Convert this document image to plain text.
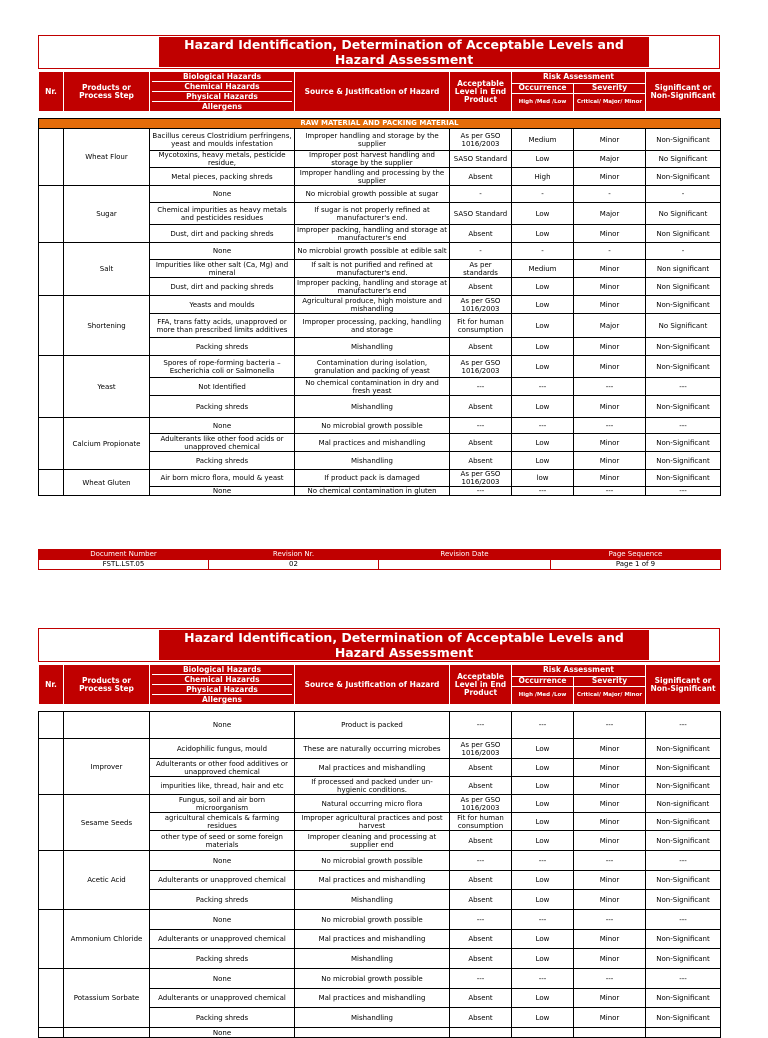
Hazard Identification, Determination of Acceptable Levels and Hazard Assessment
Nr.	Products or Process Step	Biological Hazards
Chemical Hazards
Physical Hazards
Allergens	Source & Justification of Hazard	Acceptable Level in End Product	Risk Assessment		Significant or Non-Significant
					Occurrence	Severity	
					High /Med /Low	Critical/ Major/ Minor	
RAW MATERIAL AND PACKING MATERIAL							
	Wheat Flour	Bacillus cereus Clostridium perfringens, yeast and moulds infestation	Improper handling and storage by the supplier	As per GSO 1016/2003	Medium	Minor	Non-Significant
		Mycotoxins, heavy metals, pesticide residue,	Improper post harvest handling and storage by the supplier	SASO Standard	Low	Major	No Significant
		Metal pieces, packing shreds	Improper handling and processing by the supplier	Absent	High	Minor	Non-Significant
	Sugar	None	No microbial growth possible at sugar	-	-	-	-
		Chemical impurities as heavy metals and pesticides residues	If sugar is not properly refined at manufacturer's end.	SASO Standard	Low	Major	No Significant
		Dust, dirt and packing shreds	Improper packing, handling and storage at manufacturer's end	Absent	Low	Minor	Non Significant
	Salt	None	No microbial growth possible at edible salt	-	-	-	-
		Impurities like other salt (Ca, Mg) and mineral	If salt is not purified and refined at manufacturer's end.	As per standards	Medium	Minor	Non significant
		Dust, dirt and packing shreds	Improper packing, handling and storage at manufacturer's end	Absent	Low	Minor	Non Significant
	Shortening	Yeasts and moulds	Agricultural produce, high moisture and mishandling	As per GSO 1016/2003	Low	Minor	Non-Significant
		FFA, trans fatty acids, unapproved or more than prescribed limits additives	Improper processing, packing, handling and storage	Fit for human consumption	Low	Major	No Significant
		Packing shreds	Mishandling	Absent	Low	Minor	Non-Significant
	Yeast	Spores of rope-forming bacteria – Escherichia coli or Salmonella	Contamination during isolation, granulation and packing of yeast	As per GSO 1016/2003	Low	Minor	Non-Significant
		Not Identified	No chemical contamination in dry and fresh yeast	---	---	---	---
		Packing shreds	Mishandling	Absent	Low	Minor	Non-Significant
	Calcium Propionate	None	No microbial growth possible	---	---	---	---
		Adulterants like other food acids or unapproved chemical	Mal practices and mishandling	Absent	Low	Minor	Non-Significant
		Packing shreds	Mishandling	Absent	Low	Minor	Non-Significant
	Wheat Gluten	Air born micro flora, mould & yeast	If product pack is damaged	As per GSO 1016/2003	low	Minor	Non-Significant
		None	No chemical contamination in gluten	---	---	---	---
Document Number	Revision Nr.	Revision Date	Page Sequence
FSTL.LST.05	02		Page 1 of 9
Hazard Identification, Determination of Acceptable Levels and Hazard Assessment
Nr.	Products or Process Step	Biological Hazards
Chemical Hazards
Physical Hazards
Allergens	Source & Justification of Hazard	Acceptable Level in End Product	Risk Assessment		Significant or Non-Significant
					Occurrence	Severity	
					High /Med /Low	Critical/ Major/ Minor	
		None	Product is packed	---	---	---	---
	Improver	Acidophilic fungus, mould	These are naturally occurring microbes	As per GSO 1016/2003	Low	Minor	Non-Significant
		Adulterants or other food additives or unapproved chemical	Mal practices and mishandling	Absent	Low	Minor	Non-Significant
		impurities like, thread, hair and etc	If processed and packed under un-hygienic conditions.	Absent	Low	Minor	Non-Significant
	Sesame Seeds	Fungus, soil and air born microorganism	Natural occurring micro flora	As per GSO 1016/2003	Low	Minor	Non-significant
		agricultural chemicals & farming residues	Improper agricultural practices and post harvest	Fit for human consumption	Low	Minor	Non-Significant
		other type of seed or some foreign materials	Improper cleaning and processing at supplier end	Absent	Low	Minor	Non-Significant
	Acetic Acid	None	No microbial growth possible	---	---	---	---
		Adulterants or unapproved chemical	Mal practices and mishandling	Absent	Low	Minor	Non-Significant
		Packing shreds	Mishandling	Absent	Low	Minor	Non-Significant
	Ammonium Chloride	None	No microbial growth possible	---	---	---	---
		Adulterants or unapproved chemical	Mal practices and mishandling	Absent	Low	Minor	Non-Significant
		Packing shreds	Mishandling	Absent	Low	Minor	Non-Significant
	Potassium Sorbate	None	No microbial growth possible	---	---	---	---
		Adulterants or unapproved chemical	Mal practices and mishandling	Absent	Low	Minor	Non-Significant
		Packing shreds	Mishandling	Absent	Low	Minor	Non-Significant
		None					
